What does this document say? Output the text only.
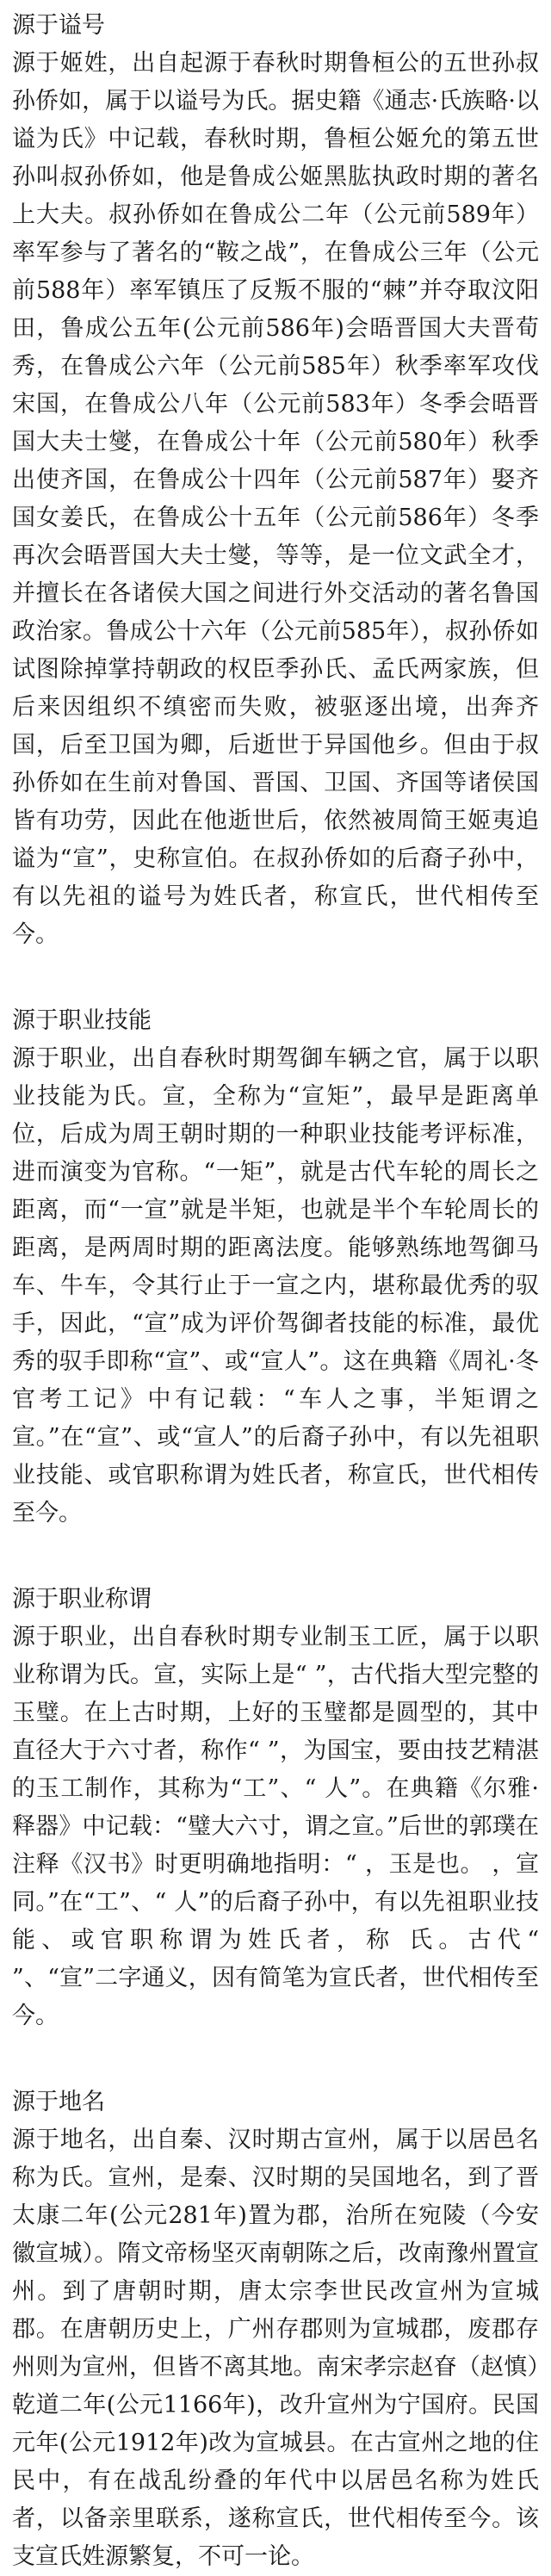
源于谥号

源于姬姓，出自起源于春秋时期鲁桓公的五世孙叔孙侨如，属于以谥号为氏。据史籍《通志·氏族略·以谥为氏》中记载，春秋时期，鲁桓公姬允的第五世孙叫叔孙侨如，他是鲁成公姬黑肱执政时期的著名上大夫。叔孙侨如在鲁成公二年（公元前589年）率军参与了著名的“鞍之战”，在鲁成公三年（公元前588年）率军镇压了反叛不服的“棘”并夺取汶阳田，鲁成公五年(公元前586年)会晤晋国大夫晋荀秀，在鲁成公六年（公元前585年）秋季率军攻伐宋国，在鲁成公八年（公元前583年）冬季会晤晋国大夫士燮，在鲁成公十年（公元前580年）秋季出使齐国，在鲁成公十四年（公元前587年）娶齐国女姜氏，在鲁成公十五年（公元前586年）冬季再次会晤晋国大夫士燮，等等，是一位文武全才，并擅长在各诸侯大国之间进行外交活动的著名鲁国政治家。鲁成公十六年（公元前585年），叔孙侨如试图除掉掌持朝政的权臣季孙氏、孟氏两家族，但后来因组织不缜密而失败，被驱逐出境，出奔齐国，后至卫国为卿，后逝世于异国他乡。但由于叔孙侨如在生前对鲁国、晋国、卫国、齐国等诸侯国皆有功劳，因此在他逝世后，依然被周简王姬夷追谥为“宣”，史称宣伯。在叔孙侨如的后裔子孙中，有以先祖的谥号为姓氏者，称宣氏，世代相传至今。

源于职业技能

源于职业，出自春秋时期驾御车辆之官，属于以职业技能为氏。宣，全称为“宣矩”，最早是距离单位，后成为周王朝时期的一种职业技能考评标准，进而演变为官称。“一矩”，就是古代车轮的周长之距离，而“一宣”就是半矩，也就是半个车轮周长的距离，是两周时期的距离法度。能够熟练地驾御马车、牛车，令其行止于一宣之内，堪称最优秀的驭手，因此，“宣”成为评价驾御者技能的标准，最优秀的驭手即称“宣”、或“宣人”。这在典籍《周礼·冬官考工记》中有记载：“车人之事，半矩谓之宣。”在“宣”、或“宣人”的后裔子孙中，有以先祖职业技能、或官职称谓为姓氏者，称宣氏，世代相传至今。

源于职业称谓

源于职业，出自春秋时期专业制玉工匠，属于以职业称谓为氏。宣，实际上是“ ”，古代指大型完整的玉璧。在上古时期，上好的玉璧都是圆型的，其中直径大于六寸者，称作“ ”，为国宝，要由技艺精湛的玉工制作，其称为“工”、“ 人”。在典籍《尔雅·释器》中记载：“璧大六寸，谓之宣。”后世的郭璞在注释《汉书》时更明确地指明：“ ，玉是也。 ，宣同。”在“工”、“ 人”的后裔子孙中，有以先祖职业技能、或官职称谓为姓氏者，称 氏。古代“ ”、“宣”二字通义，因有简笔为宣氏者，世代相传至今。

源于地名

源于地名，出自秦、汉时期古宣州，属于以居邑名称为氏。宣州，是秦、汉时期的吴国地名，到了晋太康二年(公元281年)置为郡，治所在宛陵（今安徽宣城）。隋文帝杨坚灭南朝陈之后，改南豫州置宣州。到了唐朝时期，唐太宗李世民改宣州为宣城郡。在唐朝历史上，广州存郡则为宣城郡，废郡存州则为宣州，但皆不离其地。南宋孝宗赵眘（赵慎）乾道二年(公元1166年)，改升宣州为宁国府。民国元年(公元1912年)改为宣城县。在古宣州之地的住民中，有在战乱纷叠的年代中以居邑名称为姓氏者，以备亲里联系，遂称宣氏，世代相传至今。该支宣氏姓源繁复，不可一论。
